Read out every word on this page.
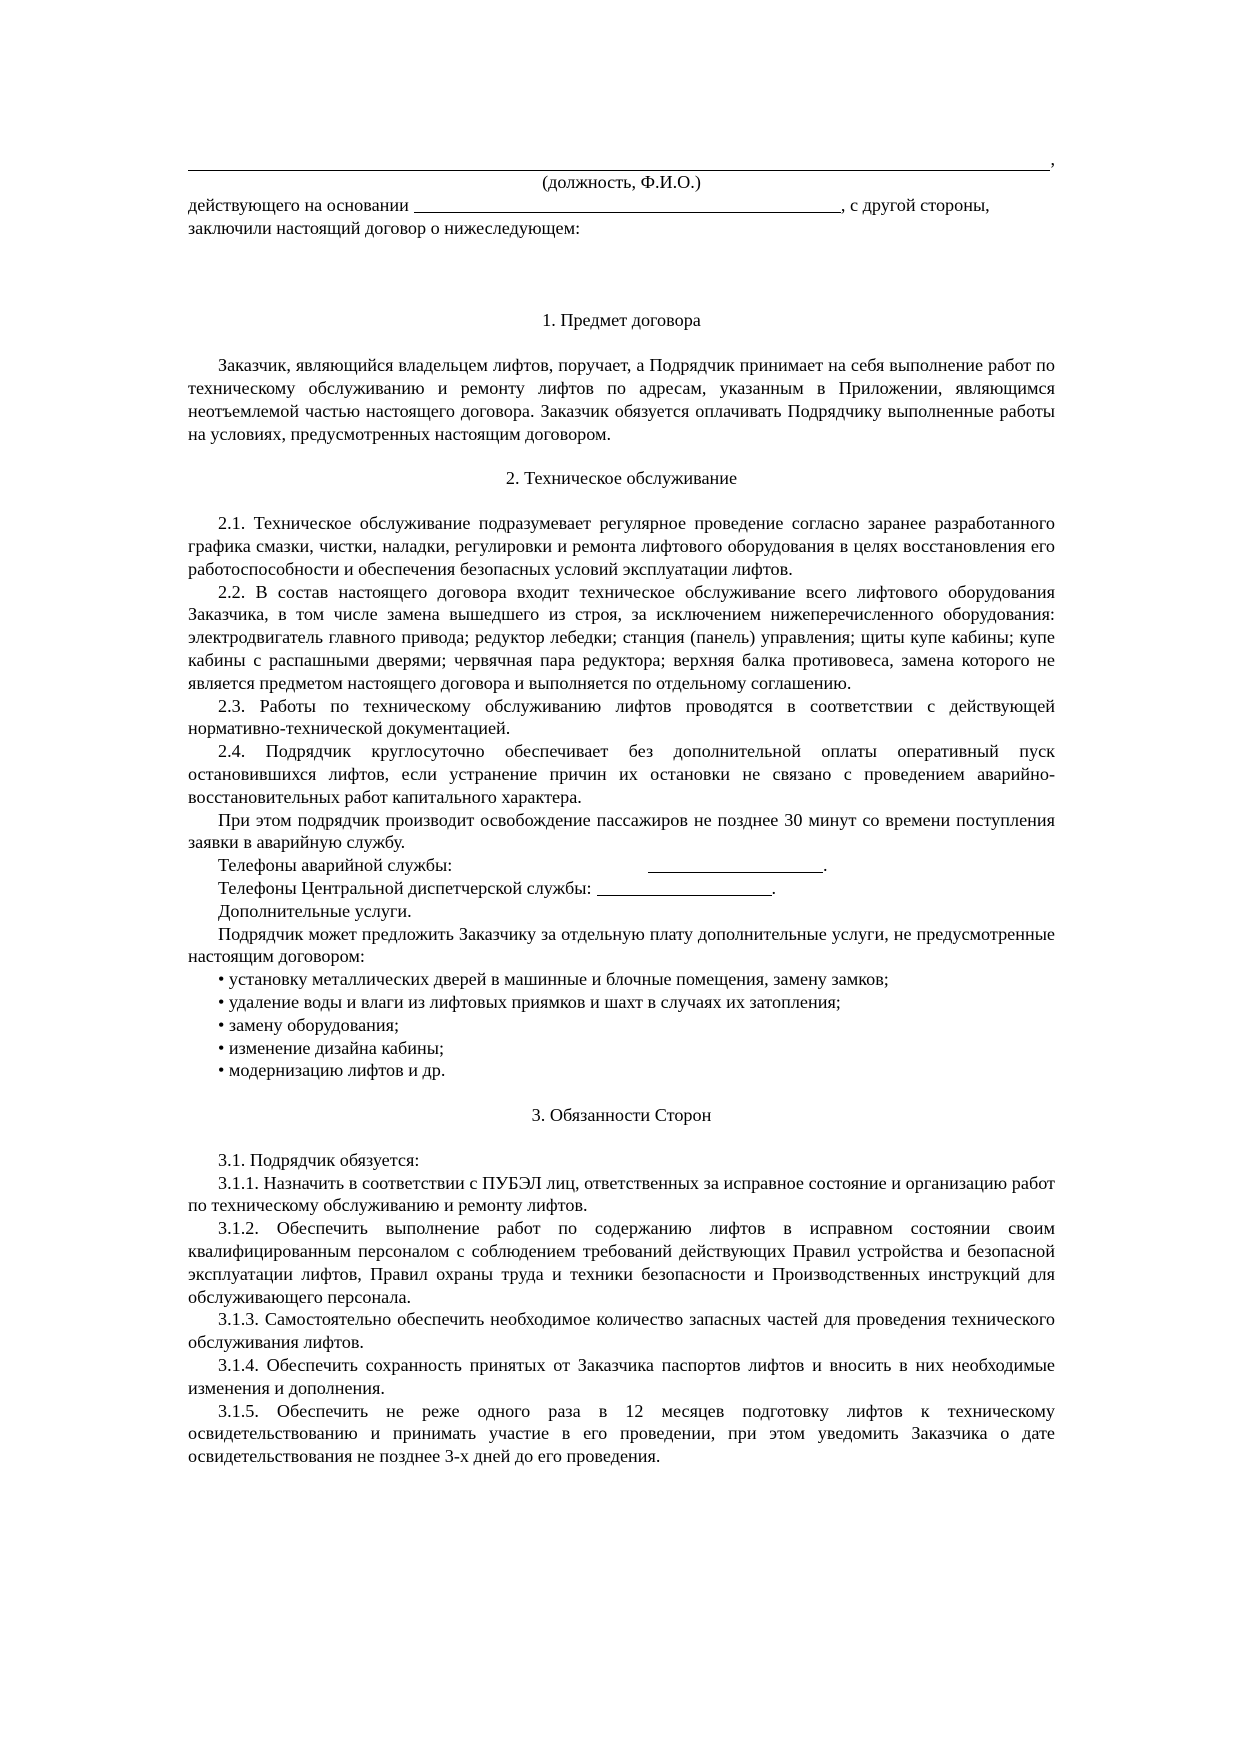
,

(должность, Ф.И.О.)

действующего на основании	, с другой стороны,

заключили настоящий договор о нижеследующем:

1. Предмет договора

Заказчик, являющийся владельцем лифтов, поручает, а Подрядчик принимает на себя выполнение работ по техническому обслуживанию и ремонту лифтов по адресам, указанным в Приложении, являющимся неотъемлемой частью настоящего договора. Заказчик обязуется оплачивать Подрядчику выполненные работы на условиях, предусмотренных настоящим договором.

2. Техническое обслуживание

2.1. Техническое обслуживание подразумевает регулярное проведение согласно заранее разработанного графика смазки, чистки, наладки, регулировки и ремонта лифтового оборудования в целях восстановления его работоспособности и обеспечения безопасных условий эксплуатации лифтов.

2.2. В состав настоящего договора входит техническое обслуживание всего лифтового оборудования Заказчика, в том числе замена вышедшего из строя, за исключением нижеперечисленного оборудования: электродвигатель главного привода; редуктор лебедки; станция (панель) управления; щиты купе кабины; купе кабины с распашными дверями; червячная пара редуктора; верхняя балка противовеса, замена которого не является предметом настоящего договора и выполняется по отдельному соглашению.

2.3. Работы по техническому обслуживанию лифтов проводятся в соответствии с действующей нормативно-технической документацией.

2.4. Подрядчик круглосуточно обеспечивает без дополнительной оплаты оперативный пуск остановившихся лифтов, если устранение причин их остановки не связано с проведением аварийно-восстановительных работ капитального характера.

При этом подрядчик производит освобождение пассажиров не позднее 30 минут со времени поступления заявки в аварийную службу.

Телефоны аварийной службы:	.
Телефоны Центральной диспетчерской службы:	.

Дополнительные услуги.

Подрядчик может предложить Заказчику за отдельную плату дополнительные услуги, не предусмотренные настоящим договором:

• установку металлических дверей в машинные и блочные помещения, замену замков;

• удаление воды и влаги из лифтовых приямков и шахт в случаях их затопления;

• замену оборудования;

• изменение дизайна кабины;

• модернизацию лифтов и др.

3. Обязанности Сторон

3.1. Подрядчик обязуется:

3.1.1. Назначить в соответствии с ПУБЭЛ лиц, ответственных за исправное состояние и организацию работ по техническому обслуживанию и ремонту лифтов.

3.1.2. Обеспечить выполнение работ по содержанию лифтов в исправном состоянии своим квалифицированным персоналом с соблюдением требований действующих Правил устройства и безопасной эксплуатации лифтов, Правил охраны труда и техники безопасности и Производственных инструкций для обслуживающего персонала.

3.1.3. Самостоятельно обеспечить необходимое количество запасных частей для проведения технического обслуживания лифтов.

3.1.4. Обеспечить сохранность принятых от Заказчика паспортов лифтов и вносить в них необходимые изменения и дополнения.

3.1.5. Обеспечить не реже одного раза в 12 месяцев подготовку лифтов к техническому освидетельствованию и принимать участие в его проведении, при этом уведомить Заказчика о дате освидетельствования не позднее 3-х дней до его проведения.
